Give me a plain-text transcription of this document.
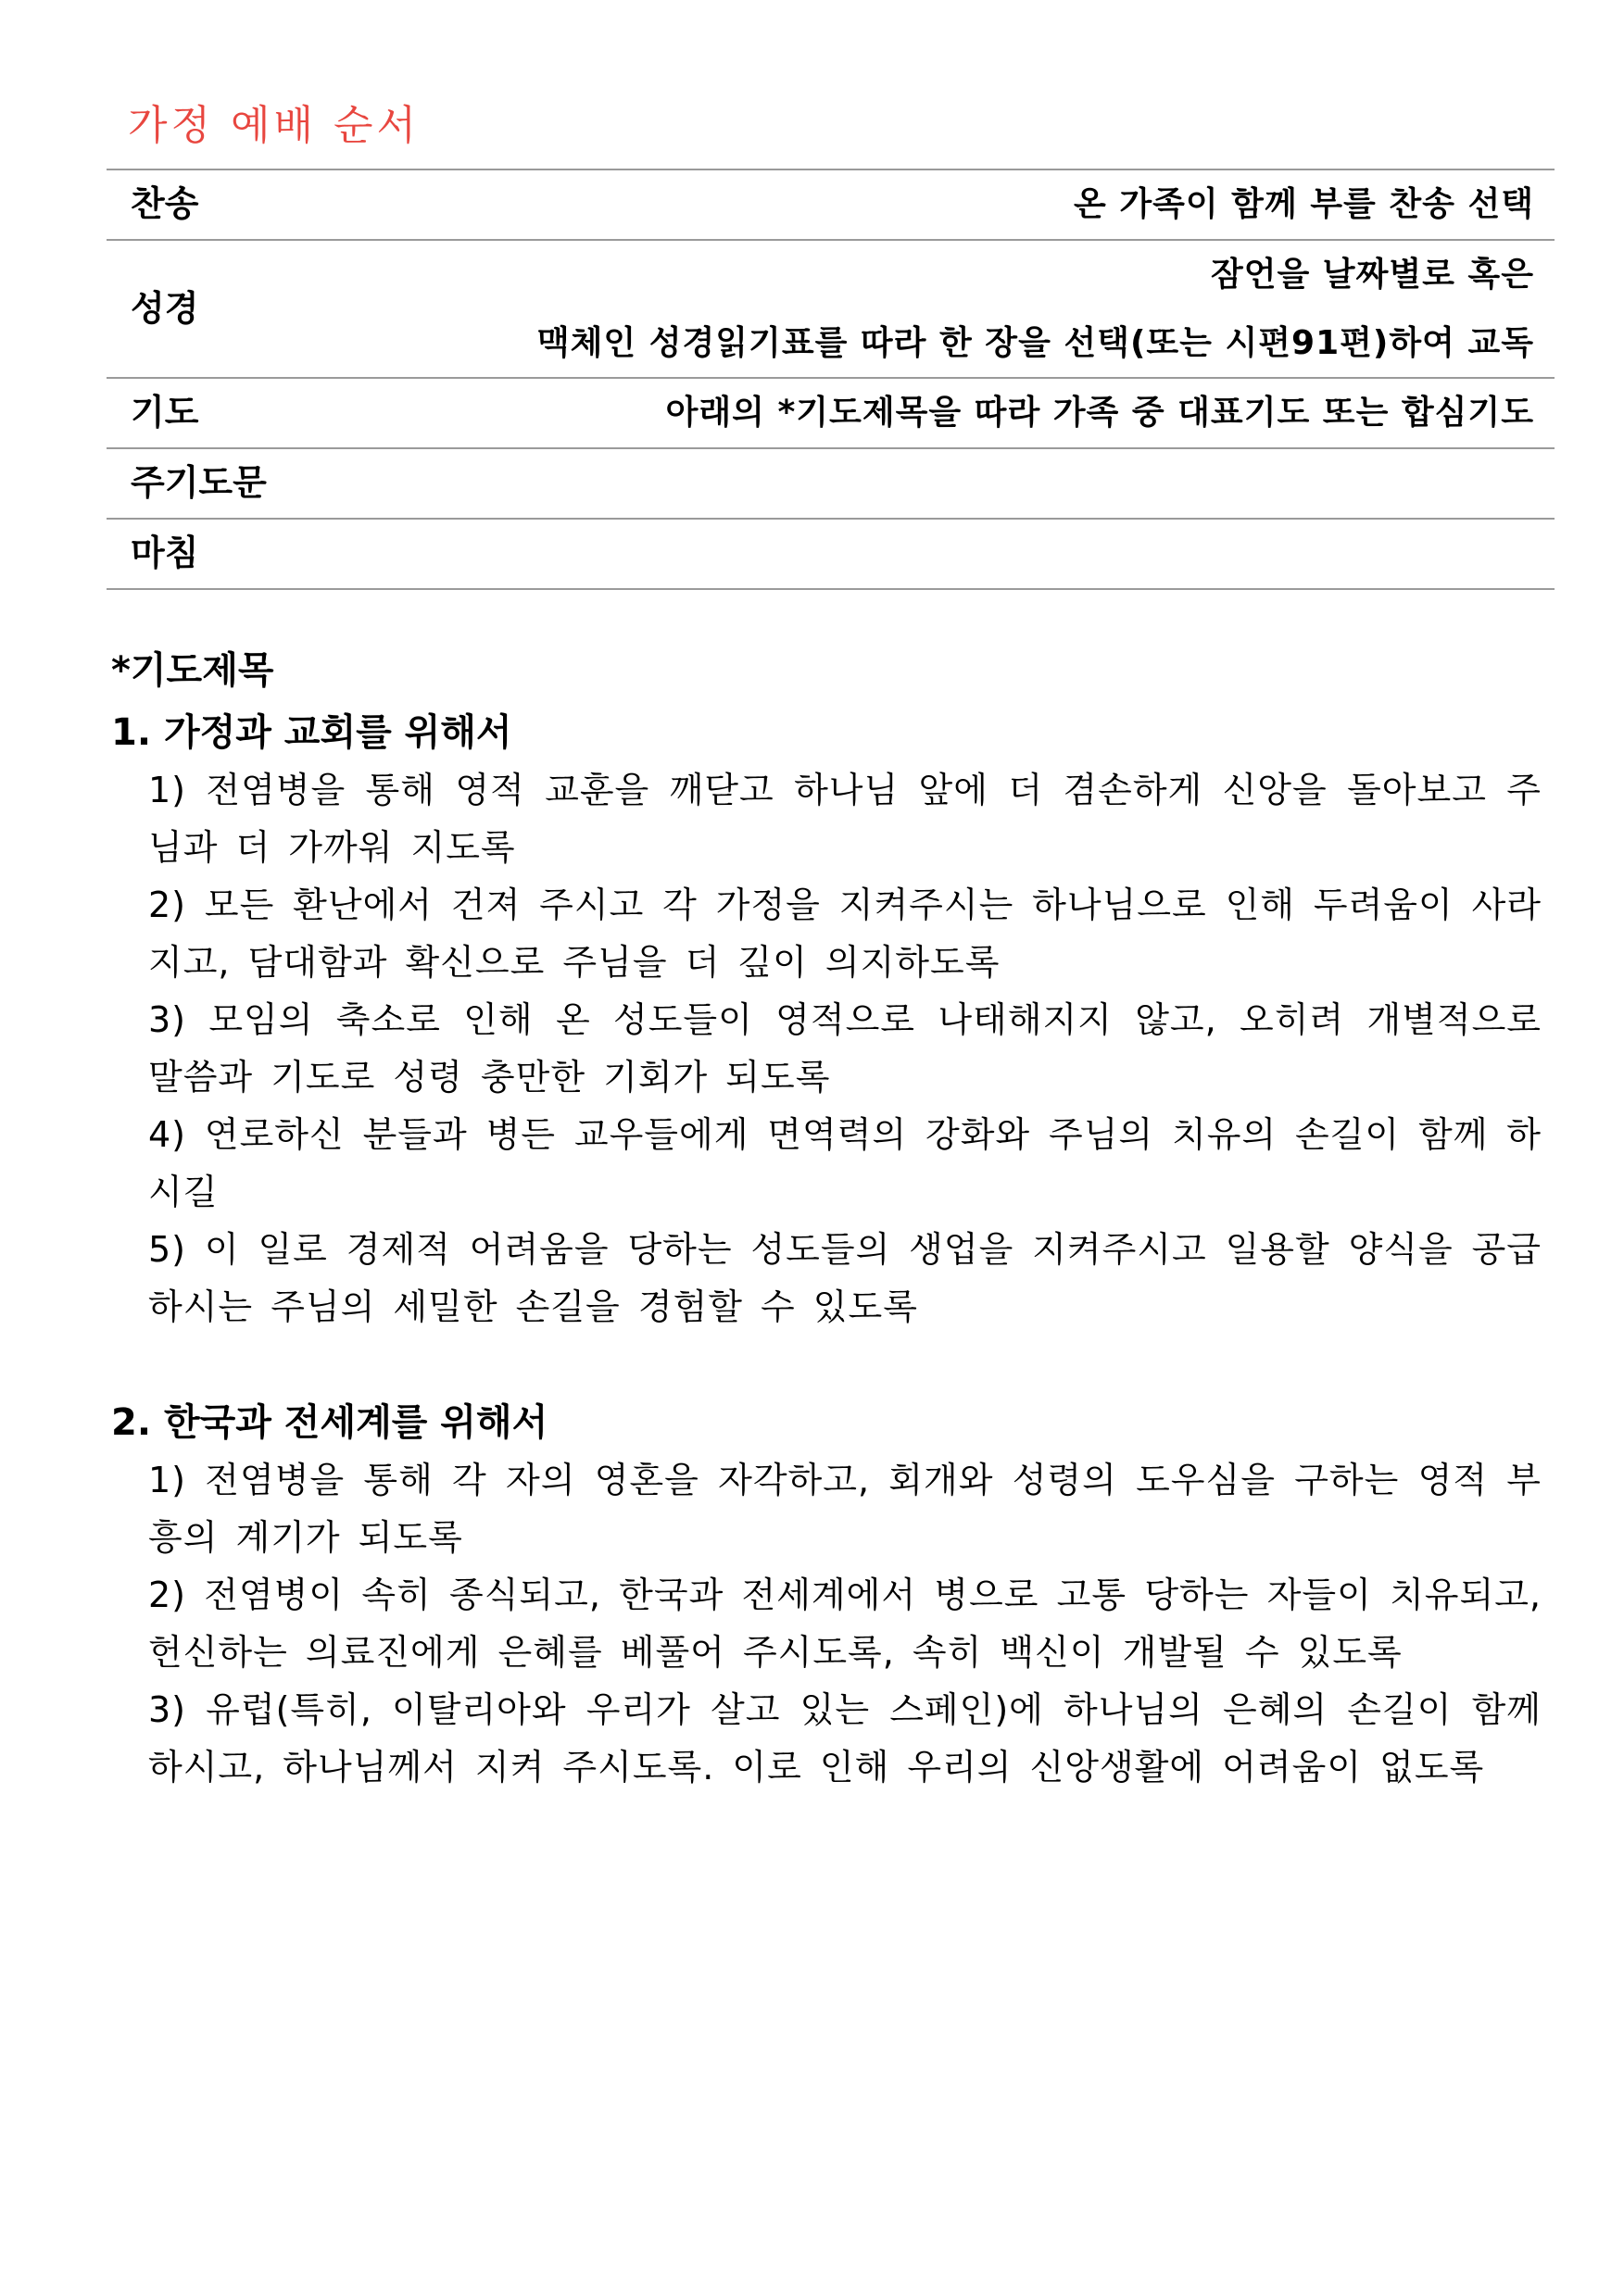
가정 예배 순서
찬송	온 가족이 함께 부를 찬송 선택
성경
잠언을 날짜별로 혹은
맥체인 성경읽기표를 따라 한 장을 선택(또는 시편91편)하여 교독
기도	아래의 *기도제목을 따라 가족 중 대표기도 또는 합심기도
주기도문
마침
*기도제목

1. 가정과 교회를 위해서

1) 전염병을 통해 영적 교훈을 깨닫고 하나님 앞에 더 겸손하게 신앙을 돌아보고 주님과 더 가까워 지도록

2) 모든 환난에서 건져 주시고 각 가정을 지켜주시는 하나님으로 인해 두려움이 사라지고, 담대함과 확신으로 주님을 더 깊이 의지하도록

3) 모임의 축소로 인해 온 성도들이 영적으로 나태해지지 않고, 오히려 개별적으로 말씀과 기도로 성령 충만한 기회가 되도록

4) 연로하신 분들과 병든 교우들에게 면역력의 강화와 주님의 치유의 손길이 함께 하시길

5) 이 일로 경제적 어려움을 당하는 성도들의 생업을 지켜주시고 일용할 양식을 공급하시는 주님의 세밀한 손길을 경험할 수 있도록

2. 한국과 전세계를 위해서

1) 전염병을 통해 각 자의 영혼을 자각하고, 회개와 성령의 도우심을 구하는 영적 부흥의 계기가 되도록

2) 전염병이 속히 종식되고, 한국과 전세계에서 병으로 고통 당하는 자들이 치유되고, 헌신하는 의료진에게 은혜를 베풀어 주시도록, 속히 백신이 개발될 수 있도록

3) 유럽(특히, 이탈리아와 우리가 살고 있는 스페인)에 하나님의 은혜의 손길이 함께 하시고, 하나님께서 지켜 주시도록. 이로 인해 우리의 신앙생활에 어려움이 없도록
